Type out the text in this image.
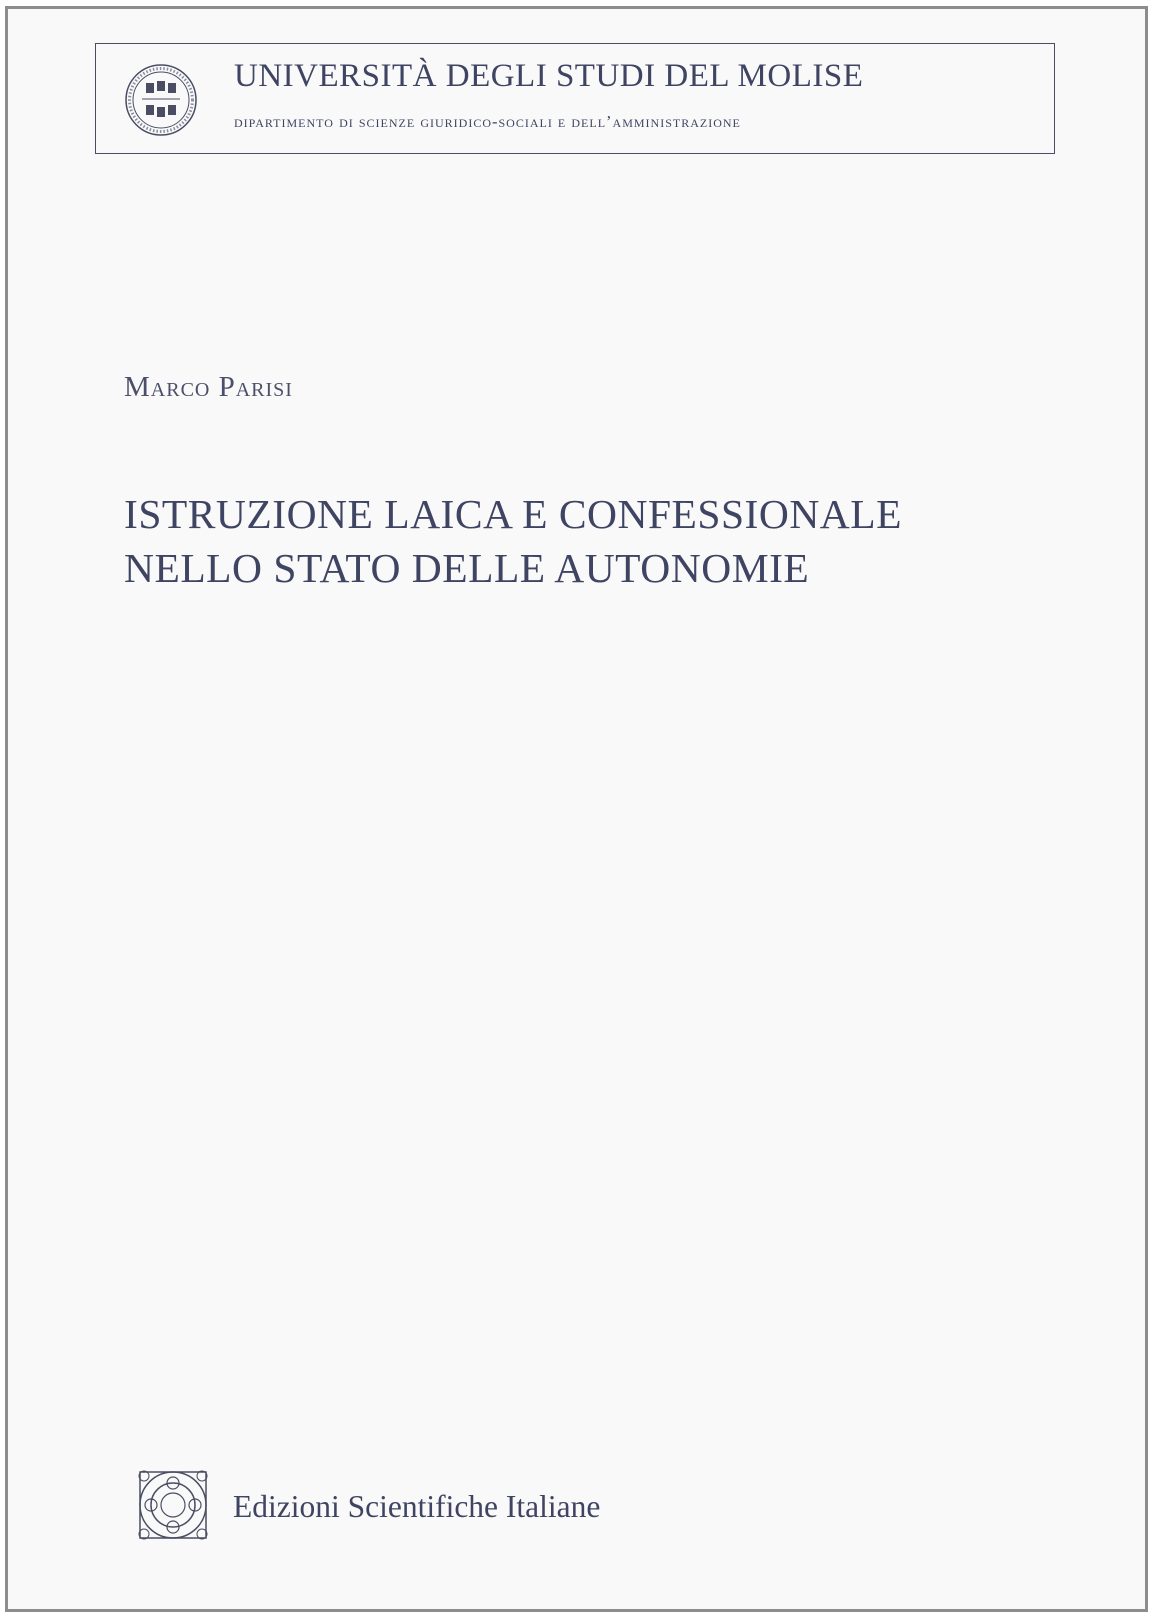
UNIVERSITÀ DEGLI STUDI DEL MOLISE
dipartimento di scienze giuridico-sociali e dell’amministrazione
Marco Parisi
ISTRUZIONE LAICA E CONFESSIONALE
NELLO STATO DELLE AUTONOMIE
Edizioni Scientifiche Italiane
